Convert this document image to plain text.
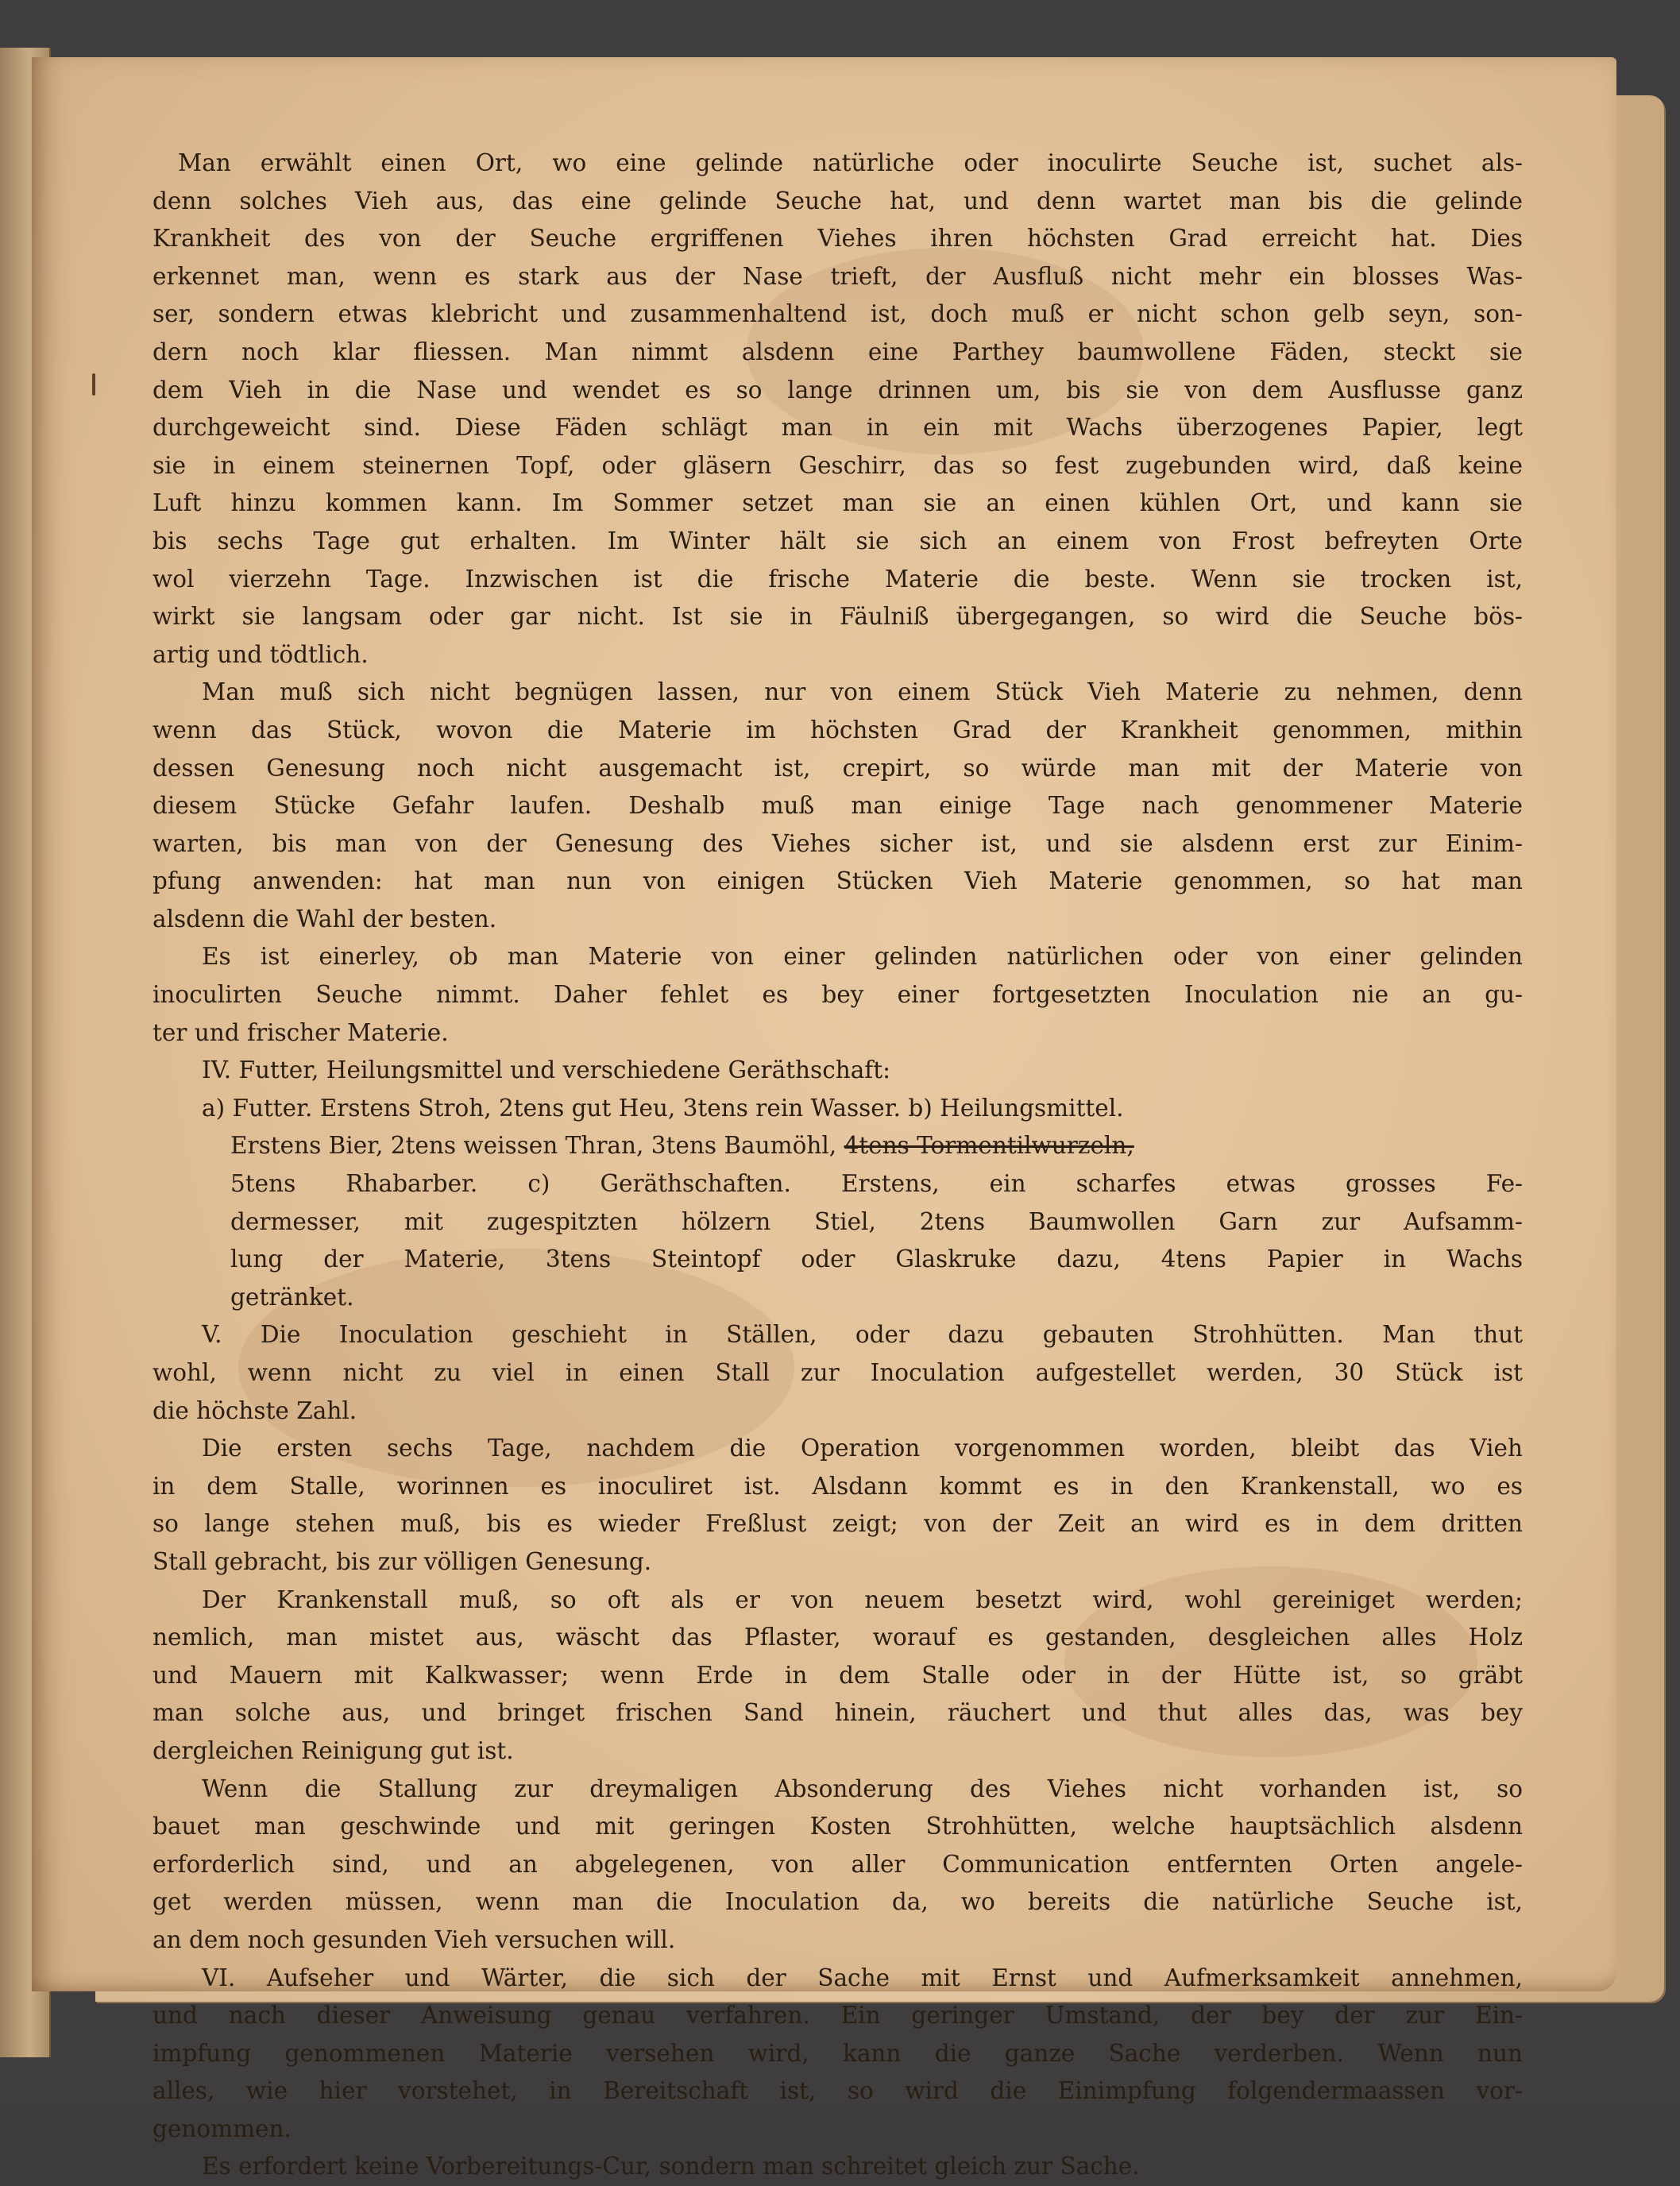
Man erwählt einen Ort, wo eine gelinde natürliche oder inoculirte Seuche ist, suchet als-
denn solches Vieh aus, das eine gelinde Seuche hat, und denn wartet man bis die gelinde
Krankheit des von der Seuche ergriffenen Viehes ihren höchsten Grad erreicht hat. Dies
erkennet man, wenn es stark aus der Nase trieft, der Ausfluß nicht mehr ein blosses Was-
ser, sondern etwas klebricht und zusammenhaltend ist, doch muß er nicht schon gelb seyn, son-
dern noch klar fliessen. Man nimmt alsdenn eine Parthey baumwollene Fäden, steckt sie
dem Vieh in die Nase und wendet es so lange drinnen um, bis sie von dem Ausflusse ganz
durchgeweicht sind. Diese Fäden schlägt man in ein mit Wachs überzogenes Papier, legt
sie in einem steinernen Topf, oder gläsern Geschirr, das so fest zugebunden wird, daß keine
Luft hinzu kommen kann. Im Sommer setzet man sie an einen kühlen Ort, und kann sie
bis sechs Tage gut erhalten. Im Winter hält sie sich an einem von Frost befreyten Orte
wol vierzehn Tage. Inzwischen ist die frische Materie die beste. Wenn sie trocken ist,
wirkt sie langsam oder gar nicht. Ist sie in Fäulniß übergegangen, so wird die Seuche bös-
artig und tödtlich.
Man muß sich nicht begnügen lassen, nur von einem Stück Vieh Materie zu nehmen, denn
wenn das Stück, wovon die Materie im höchsten Grad der Krankheit genommen, mithin
dessen Genesung noch nicht ausgemacht ist, crepirt, so würde man mit der Materie von
diesem Stücke Gefahr laufen. Deshalb muß man einige Tage nach genommener Materie
warten, bis man von der Genesung des Viehes sicher ist, und sie alsdenn erst zur Einim-
pfung anwenden: hat man nun von einigen Stücken Vieh Materie genommen, so hat man
alsdenn die Wahl der besten.
Es ist einerley, ob man Materie von einer gelinden natürlichen oder von einer gelinden
inoculirten Seuche nimmt. Daher fehlet es bey einer fortgesetzten Inoculation nie an gu-
ter und frischer Materie.
IV. Futter, Heilungsmittel und verschiedene Geräthschaft:
a) Futter. Erstens Stroh, 2tens gut Heu, 3tens rein Wasser. b) Heilungsmittel.
Erstens Bier, 2tens weissen Thran, 3tens Baumöhl, 4tens Tormentilwurzeln,
5tens Rhabarber. c) Geräthschaften. Erstens, ein scharfes etwas grosses Fe-
dermesser, mit zugespitzten hölzern Stiel, 2tens Baumwollen Garn zur Aufsamm-
lung der Materie, 3tens Steintopf oder Glaskruke dazu, 4tens Papier in Wachs
getränket.
V. Die Inoculation geschieht in Ställen, oder dazu gebauten Strohhütten. Man thut
wohl, wenn nicht zu viel in einen Stall zur Inoculation aufgestellet werden, 30 Stück ist
die höchste Zahl.
Die ersten sechs Tage, nachdem die Operation vorgenommen worden, bleibt das Vieh
in dem Stalle, worinnen es inoculiret ist. Alsdann kommt es in den Krankenstall, wo es
so lange stehen muß, bis es wieder Freßlust zeigt; von der Zeit an wird es in dem dritten
Stall gebracht, bis zur völligen Genesung.
Der Krankenstall muß, so oft als er von neuem besetzt wird, wohl gereiniget werden;
nemlich, man mistet aus, wäscht das Pflaster, worauf es gestanden, desgleichen alles Holz
und Mauern mit Kalkwasser; wenn Erde in dem Stalle oder in der Hütte ist, so gräbt
man solche aus, und bringet frischen Sand hinein, räuchert und thut alles das, was bey
dergleichen Reinigung gut ist.
Wenn die Stallung zur dreymaligen Absonderung des Viehes nicht vorhanden ist, so
bauet man geschwinde und mit geringen Kosten Strohhütten, welche hauptsächlich alsdenn
erforderlich sind, und an abgelegenen, von aller Communication entfernten Orten angele-
get werden müssen, wenn man die Inoculation da, wo bereits die natürliche Seuche ist,
an dem noch gesunden Vieh versuchen will.
VI. Aufseher und Wärter, die sich der Sache mit Ernst und Aufmerksamkeit annehmen,
und nach dieser Anweisung genau verfahren. Ein geringer Umstand, der bey der zur Ein-
impfung genommenen Materie versehen wird, kann die ganze Sache verderben. Wenn nun
alles, wie hier vorstehet, in Bereitschaft ist, so wird die Einimpfung folgendermaassen vor-
genommen.
Es erfordert keine Vorbereitungs-Cur, sondern man schreitet gleich zur Sache.
